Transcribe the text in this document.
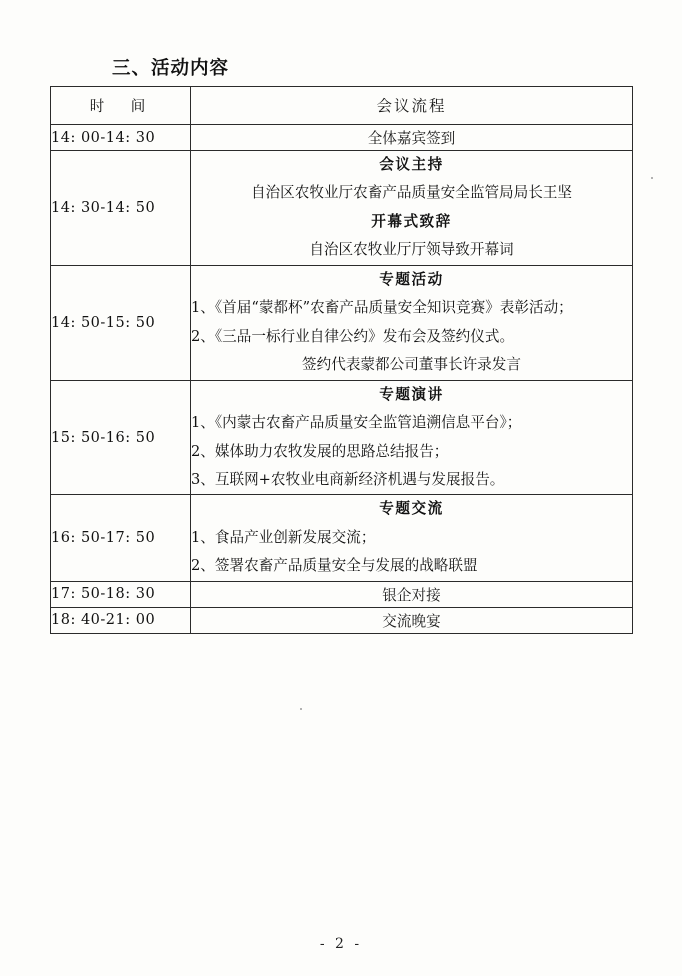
三、活动内容
时　间	会议流程
14: 00-14: 30	全体嘉宾签到

14: 30-14: 50	会议主持
自治区农牧业厅农畜产品质量安全监管局局长王坚
开幕式致辞
自治区农牧业厅厅领导致开幕词

14: 50-15: 50	专题活动
1、《首届“蒙都杯”农畜产品质量安全知识竞赛》表彰活动；
2、《三品一标行业自律公约》发布会及签约仪式。
签约代表蒙都公司董事长许录发言

15: 50-16: 50	专题演讲
1、《内蒙古农畜产品质量安全监管追溯信息平台》；
2、媒体助力农牧发展的思路总结报告；
3、互联网+农牧业电商新经济机遇与发展报告。

16: 50-17: 50	专题交流
1、食品产业创新发展交流；
2、签署农畜产品质量安全与发展的战略联盟

17: 50-18: 30	银企对接

18: 40-21: 00	交流晚宴
- 2 -
